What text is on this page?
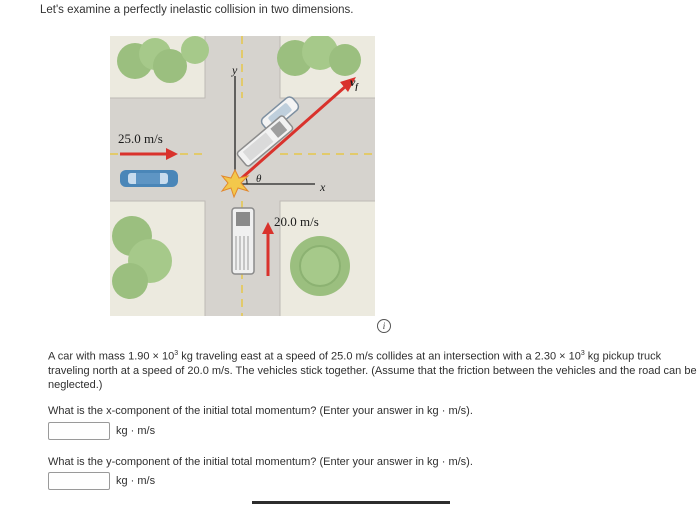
Let's examine a perfectly inelastic collision in two dimensions.
y
x
θ
$v_f$
25.0 m/s
20.0 m/s
i
A car with mass $1.90 \times 10^3$ kg traveling east at a speed of 25.0 m/s collides at an intersection with a $2.30 \times 10^3$ kg pickup truck traveling north at a speed of 20.0 m/s. The vehicles stick together. (Assume that the friction between the vehicles and the road can be neglected.)
What is the x-component of the initial total momentum? (Enter your answer in kg · m/s).
kg · m/s
What is the y-component of the initial total momentum? (Enter your answer in kg · m/s).
kg · m/s
